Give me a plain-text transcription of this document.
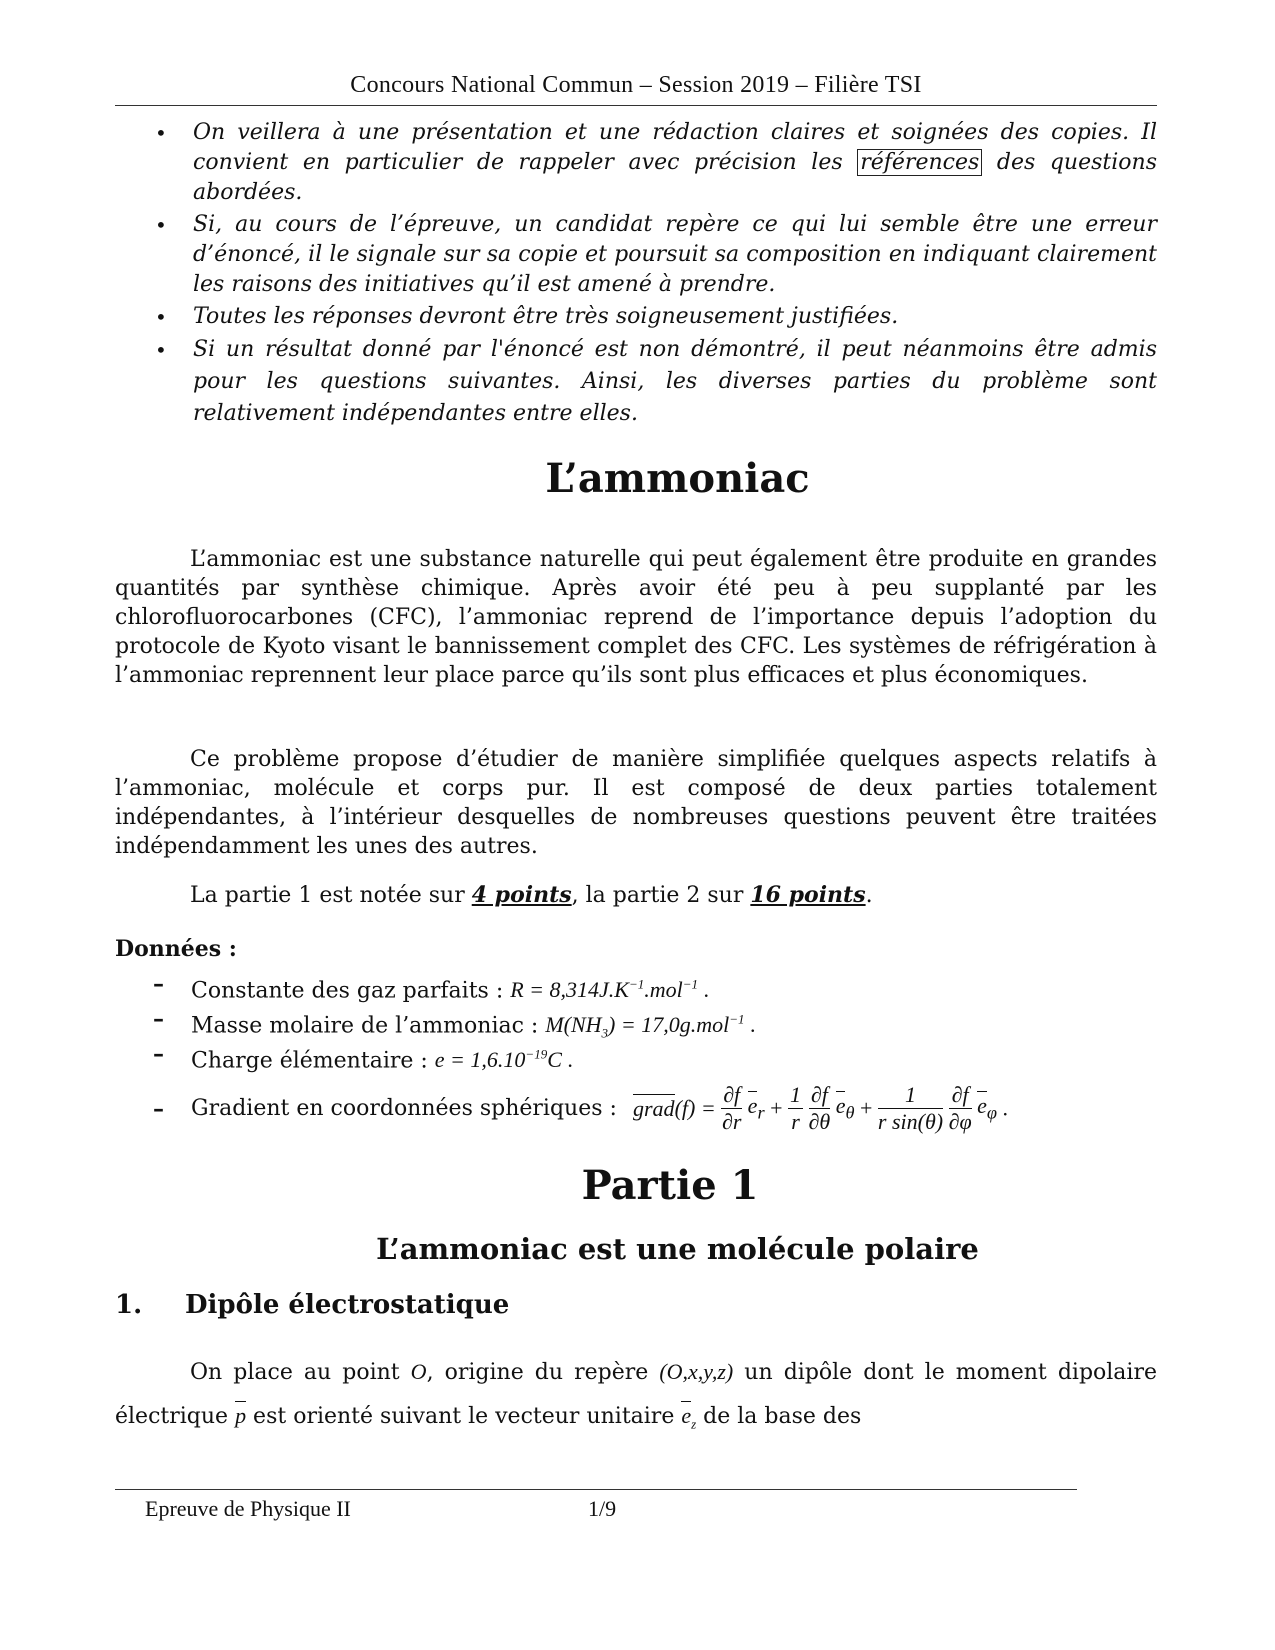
Concours National Commun – Session 2019 – Filière TSI
• On veillera à une présentation et une rédaction claires et soignées des copies. Il convient en particulier de rappeler avec précision les références des questions abordées.
• Si, au cours de l’épreuve, un candidat repère ce qui lui semble être une erreur d’énoncé, il le signale sur sa copie et poursuit sa composition en indiquant clairement les raisons des initiatives qu’il est amené à prendre.
• Toutes les réponses devront être très soigneusement justifiées.
• Si un résultat donné par l'énoncé est non démontré, il peut néanmoins être admis pour les questions suivantes. Ainsi, les diverses parties du problème sont relativement indépendantes entre elles.
L’ammoniac

L’ammoniac est une substance naturelle qui peut également être produite en grandes quantités par synthèse chimique. Après avoir été peu à peu supplanté par les chlorofluorocarbones (CFC), l’ammoniac reprend de l’importance depuis l’adoption du protocole de Kyoto visant le bannissement complet des CFC. Les systèmes de réfrigération à l’ammoniac reprennent leur place parce qu’ils sont plus efficaces et plus économiques.

Ce problème propose d’étudier de manière simplifiée quelques aspects relatifs à l’ammoniac, molécule et corps pur. Il est composé de deux parties totalement indépendantes, à l’intérieur desquelles de nombreuses questions peuvent être traitées indépendamment les unes des autres.

La partie 1 est notée sur 4 points, la partie 2 sur 16 points.

Données :
– Constante des gaz parfaits : $R = 8,314J.K^{-1}.mol^{-1}$ .
– Masse molaire de l’ammoniac : $M(NH_3) = 17,0g.mol^{-1}$ .
– Charge élémentaire : $e = 1,6.10^{-19}C$ .
– Gradient en coordonnées sphériques : grad(f) = $\frac{\partial f}{\partial r} e_r + \frac{1}{r}$
$\frac{\partial f}{\partial\theta} e_\theta + \frac{1}{\text{r sin(θ)}}$
$\frac{\partial f}{\partial\varphi} e_\varphi$ .
Partie 1
L’ammoniac est une molécule polaire
1. Dipôle électrostatique

On place au point O, origine du repère (O,x,y,z) un dipôle dont le moment dipolaire électrique p est orienté suivant le vecteur unitaire $e_z$ de la base des

Epreuve de Physique II	1/9
